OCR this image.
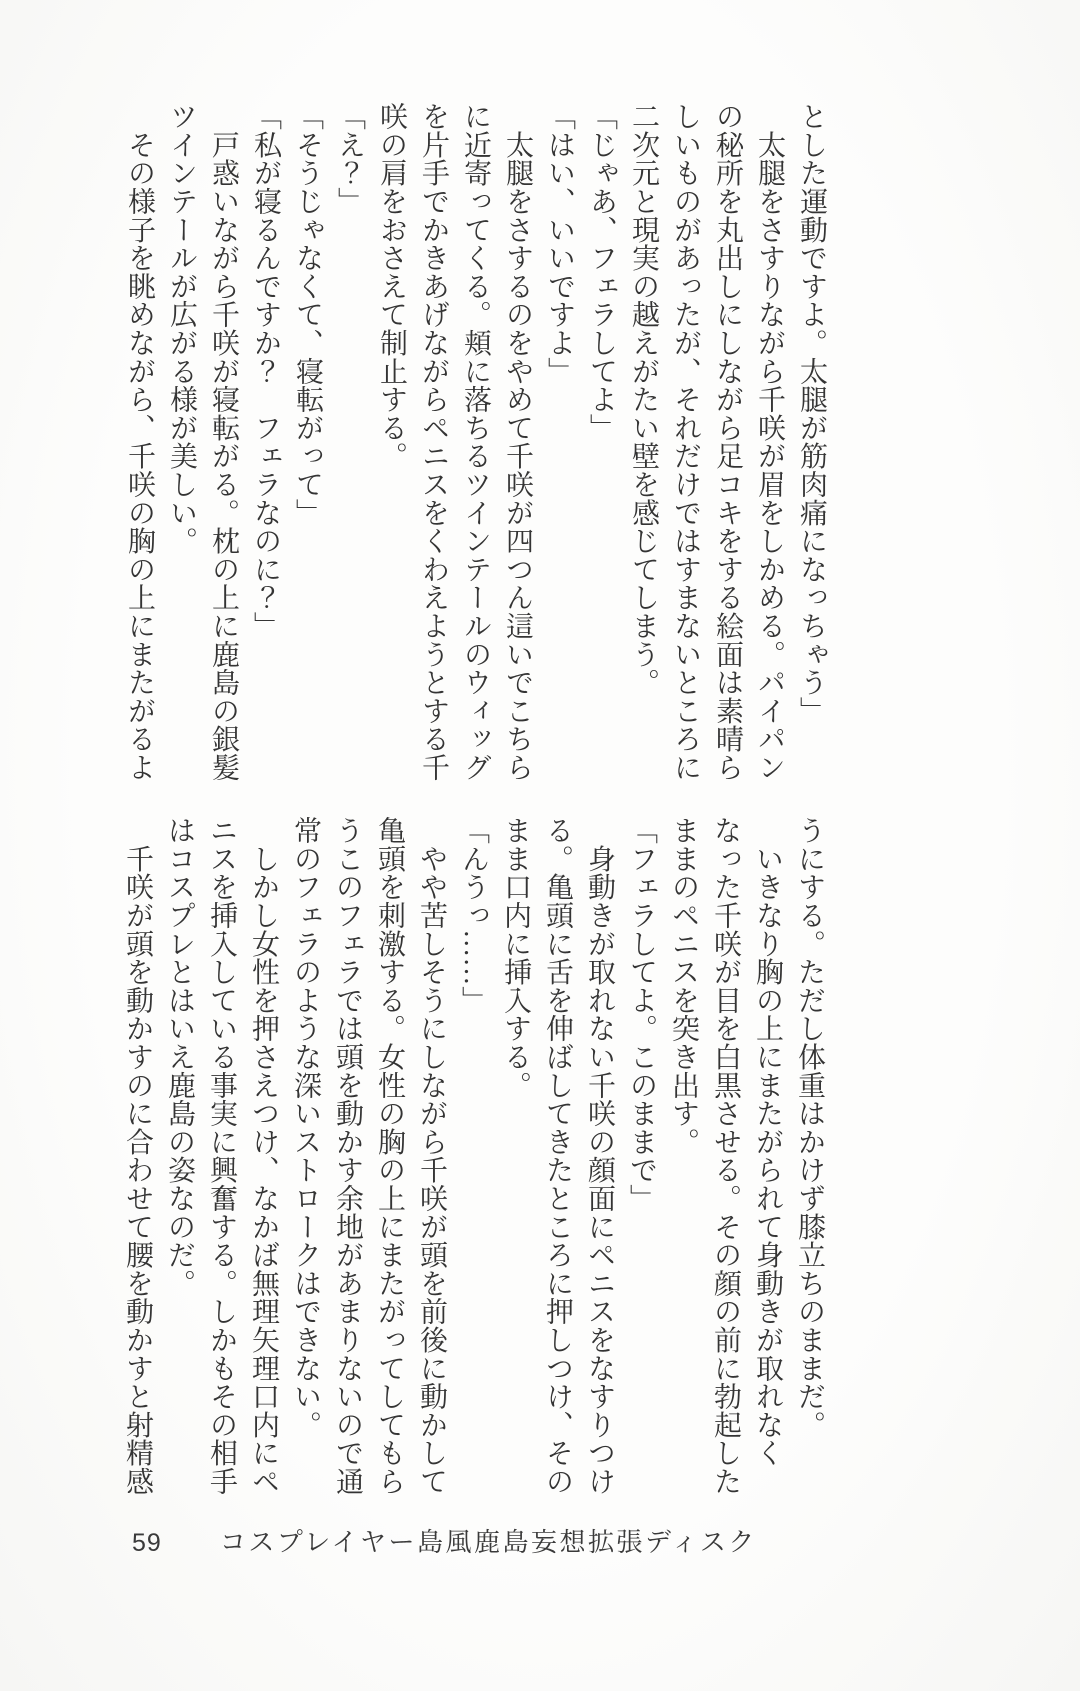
とした運動ですよ。太腿が筋肉痛になっちゃう」
　太腿をさすりながら千咲が眉をしかめる。パイパン
の秘所を丸出しにしながら足コキをする絵面は素晴ら
しいものがあったが、それだけではすまないところに
二次元と現実の越えがたい壁を感じてしまう。
「じゃあ、フェラしてよ」
「はい、いいですよ」
　太腿をさするのをやめて千咲が四つん這いでこちら
に近寄ってくる。頬に落ちるツインテールのウィッグ
を片手でかきあげながらペニスをくわえようとする千
咲の肩をおさえて制止する。
「え？」
「そうじゃなくて、寝転がって」
「私が寝るんですか？　フェラなのに？」
　戸惑いながら千咲が寝転がる。枕の上に鹿島の銀髪
ツインテールが広がる様が美しい。
　その様子を眺めながら、千咲の胸の上にまたがるよ
うにする。ただし体重はかけず膝立ちのままだ。
　いきなり胸の上にまたがられて身動きが取れなく
なった千咲が目を白黒させる。その顔の前に勃起した
ままのペニスを突き出す。
「フェラしてよ。このままで」
　身動きが取れない千咲の顔面にペニスをなすりつけ
る。亀頭に舌を伸ばしてきたところに押しつけ、その
まま口内に挿入する。
「んうっ……」
　やや苦しそうにしながら千咲が頭を前後に動かして
亀頭を刺激する。女性の胸の上にまたがってしてもら
うこのフェラでは頭を動かす余地があまりないので通
常のフェラのような深いストロークはできない。
　しかし女性を押さえつけ、なかば無理矢理口内にペ
ニスを挿入している事実に興奮する。しかもその相手
はコスプレとはいえ鹿島の姿なのだ。
　千咲が頭を動かすのに合わせて腰を動かすと射精感
59 コスプレイヤー島風鹿島妄想拡張ディスク
